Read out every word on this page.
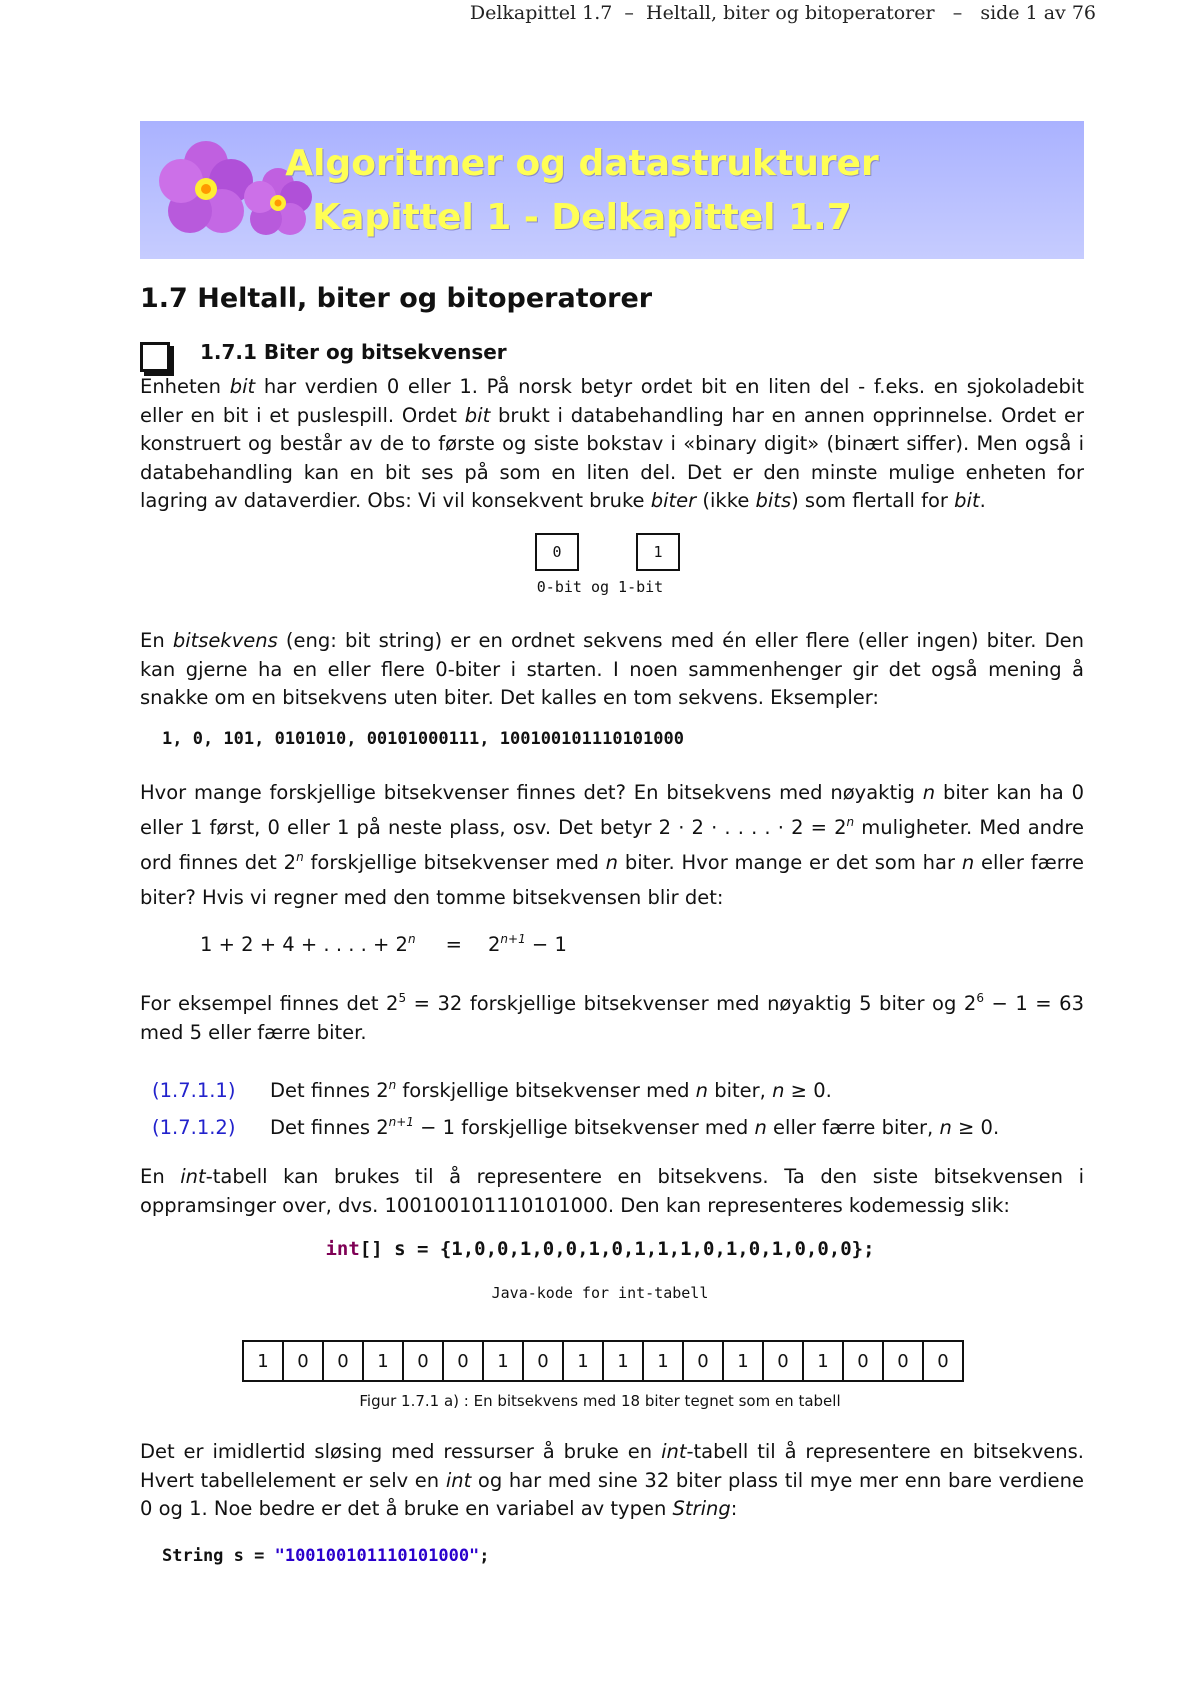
Delkapittel 1.7  –  Heltall, biter og bitoperatorer   –   side 1 av 76
Algoritmer og datastrukturer
Kapittel 1 - Delkapittel 1.7
1.7 Heltall, biter og bitoperatorer
1.7.1 Biter og bitsekvenser
Enheten bit har verdien 0 eller 1. På norsk betyr ordet bit en liten del - f.eks. en sjokoladebit eller en bit i et puslespill. Ordet bit brukt i databehandling har en annen opprinnelse. Ordet er konstruert og består av de to første og siste bokstav i «binary digit» (binært siffer). Men også i databehandling kan en bit ses på som en liten del. Det er den minste mulige enheten for lagring av dataverdier. Obs: Vi vil konsekvent bruke biter (ikke bits) som flertall for bit.
0	1
0-bit og 1-bit
En bitsekvens (eng: bit string) er en ordnet sekvens med én eller flere (eller ingen) biter. Den kan gjerne ha en eller flere 0-biter i starten. I noen sammenhenger gir det også mening å snakke om en bitsekvens uten biter. Det kalles en tom sekvens. Eksempler:
1, 0, 101, 0101010, 00101000111, 100100101110101000
Hvor mange forskjellige bitsekvenser finnes det? En bitsekvens med nøyaktig n biter kan ha 0 eller 1 først, 0 eller 1 på neste plass, osv. Det betyr 2 · 2 · . . . . · $2 = 2^n$ muligheter. Med andre ord finnes det 2$^n$ forskjellige bitsekvenser med n biter. Hvor mange er det som har n eller færre biter? Hvis vi regner med den tomme bitsekvensen blir det:
1 + 2 + 4 + . . . . + $2^n = 2^{n+1} - 1$
For eksempel finnes $\det 2^5 = 32$ forskjellige bitsekvenser med nøyaktig 5 biter og $2^6 - 1 = 63$ med 5 eller færre biter.
(1.7.1.1) Det finnes 2$^n$ forskjellige bitsekvenser med n biter, n ≥ 0.
(1.7.1.2) Det finnes $2^{n+1} - 1$ forskjellige bitsekvenser med n eller færre biter, n ≥ 0.
En int-tabell kan brukes til å representere en bitsekvens. Ta den siste bitsekvensen i oppramsinger over, dvs. 100100101110101000. Den kan representeres kodemessig slik:
int[] s = {1,0,0,1,0,0,1,0,1,1,1,0,1,0,1,0,0,0};
Java-kode for int-tabell
1	0	0	1	0	0	1	0	1	1	1	0	1	0	1	0	0	0
Figur 1.7.1 a) : En bitsekvens med 18 biter tegnet som en tabell
Det er imidlertid sløsing med ressurser å bruke en int-tabell til å representere en bitsekvens. Hvert tabellelement er selv en int og har med sine 32 biter plass til mye mer enn bare verdiene 0 og 1. Noe bedre er det å bruke en variabel av typen String:
String s = "100100101110101000";
